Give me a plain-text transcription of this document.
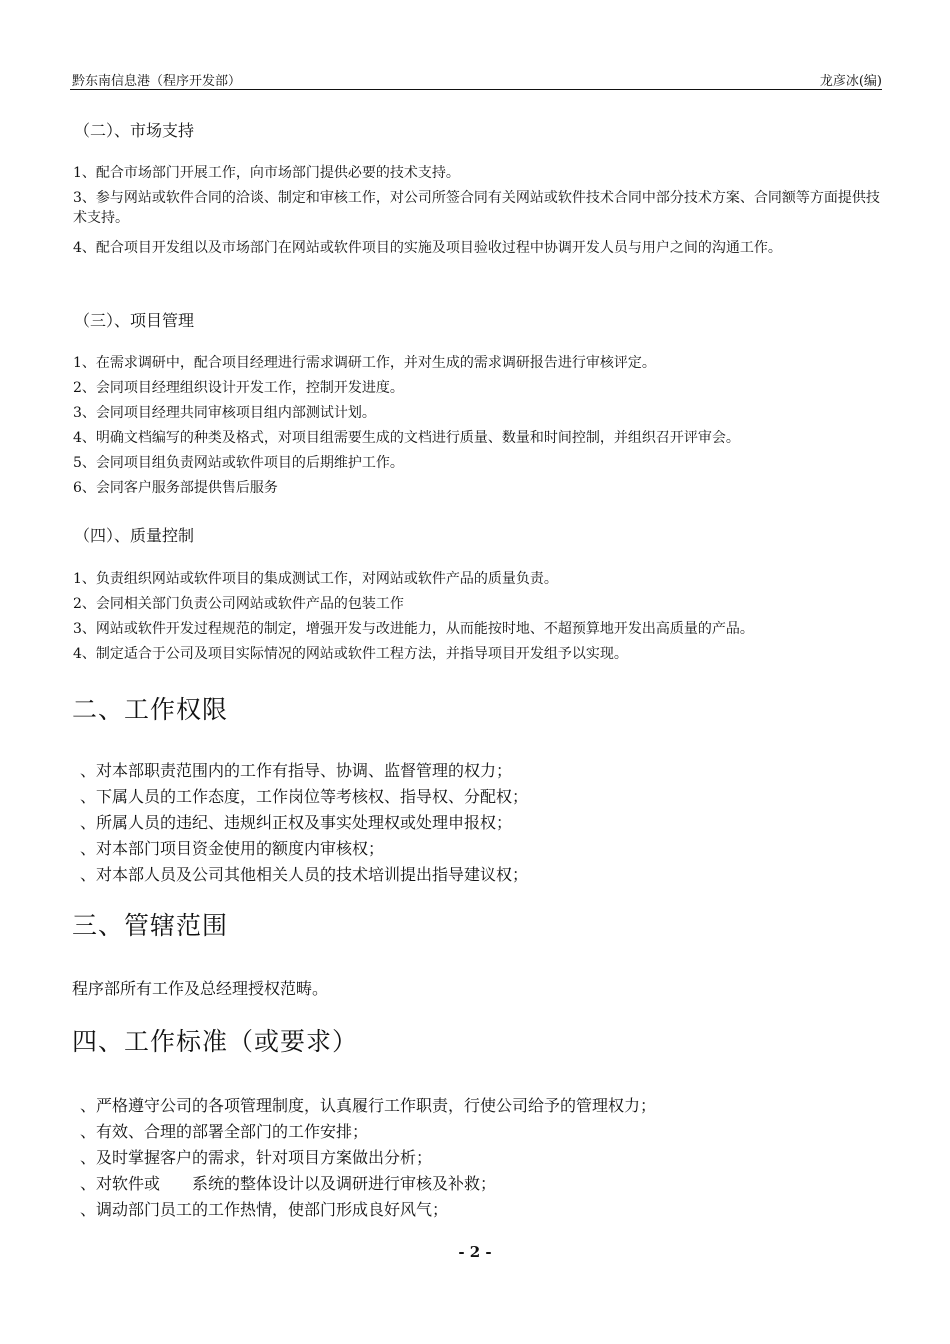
黔东南信息港（程序开发部）	龙彦冰(编)
（二）、市场支持
1、配合市场部门开展工作，向市场部门提供必要的技术支持。
3、参与网站或软件合同的洽谈、制定和审核工作，对公司所签合同有关网站或软件技术合同中部分技术方案、合同额等方面提供技术支持。
4、配合项目开发组以及市场部门在网站或软件项目的实施及项目验收过程中协调开发人员与用户之间的沟通工作。
（三）、项目管理
1、在需求调研中，配合项目经理进行需求调研工作，并对生成的需求调研报告进行审核评定。
2、会同项目经理组织设计开发工作，控制开发进度。
3、会同项目经理共同审核项目组内部测试计划。
4、明确文档编写的种类及格式，对项目组需要生成的文档进行质量、数量和时间控制，并组织召开评审会。
5、会同项目组负责网站或软件项目的后期维护工作。
6、会同客户服务部提供售后服务
（四）、质量控制
1、负责组织网站或软件项目的集成测试工作，对网站或软件产品的质量负责。
2、会同相关部门负责公司网站或软件产品的包装工作
3、网站或软件开发过程规范的制定，增强开发与改进能力，从而能按时地、不超预算地开发出高质量的产品。
4、制定适合于公司及项目实际情况的网站或软件工程方法，并指导项目开发组予以实现。
二、工作权限
、对本部职责范围内的工作有指导、协调、监督管理的权力；
、下属人员的工作态度，工作岗位等考核权、指导权、分配权；
、所属人员的违纪、违规纠正权及事实处理权或处理申报权；
、对本部门项目资金使用的额度内审核权；
、对本部人员及公司其他相关人员的技术培训提出指导建议权；
三、管辖范围
程序部所有工作及总经理授权范畴。
四、工作标准（或要求）
、严格遵守公司的各项管理制度，认真履行工作职责，行使公司给予的管理权力；
、有效、合理的部署全部门的工作安排；
、及时掌握客户的需求，针对项目方案做出分析；
、对软件或　　系统的整体设计以及调研进行审核及补救；
、调动部门员工的工作热情，使部门形成良好风气；
- 2 -
